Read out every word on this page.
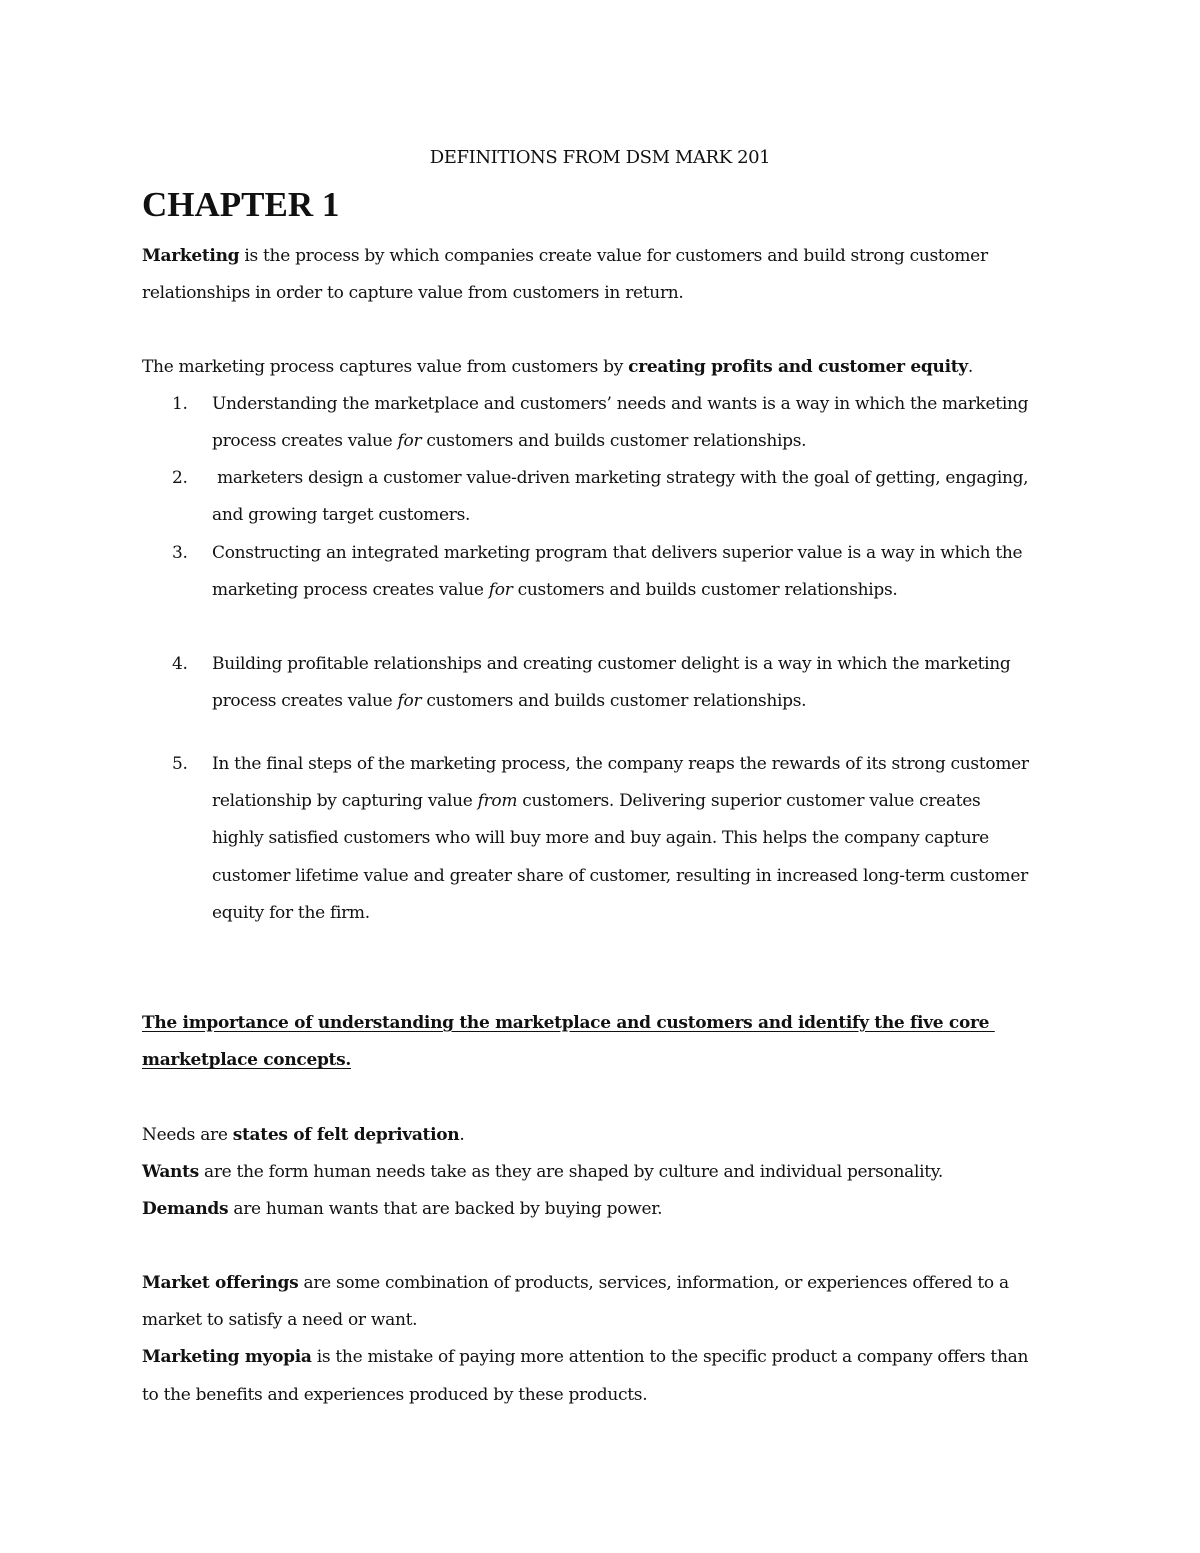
DEFINITIONS FROM DSM MARK 201
CHAPTER 1
Marketing is the process by which companies create value for customers and build strong customer
relationships in order to capture value from customers in return.
The marketing process captures value from customers by creating profits and customer equity.
1. Understanding the marketplace and customers’ needs and wants is a way in which the marketing
process creates value for customers and builds customer relationships.
2. marketers design a customer value-driven marketing strategy with the goal of getting, engaging,
and growing target customers.
3. Constructing an integrated marketing program that delivers superior value is a way in which the
marketing process creates value for customers and builds customer relationships.
4. Building profitable relationships and creating customer delight is a way in which the marketing
process creates value for customers and builds customer relationships.
5. In the final steps of the marketing process, the company reaps the rewards of its strong customer
relationship by capturing value from customers. Delivering superior customer value creates
highly satisfied customers who will buy more and buy again. This helps the company capture
customer lifetime value and greater share of customer, resulting in increased long-term customer
equity for the firm.
The importance of understanding the marketplace and customers and identify the five core
marketplace concepts.
Needs are states of felt deprivation.
Wants are the form human needs take as they are shaped by culture and individual personality.
Demands are human wants that are backed by buying power.
Market offerings are some combination of products, services, information, or experiences offered to a
market to satisfy a need or want.
Marketing myopia is the mistake of paying more attention to the specific product a company offers than
to the benefits and experiences produced by these products.
